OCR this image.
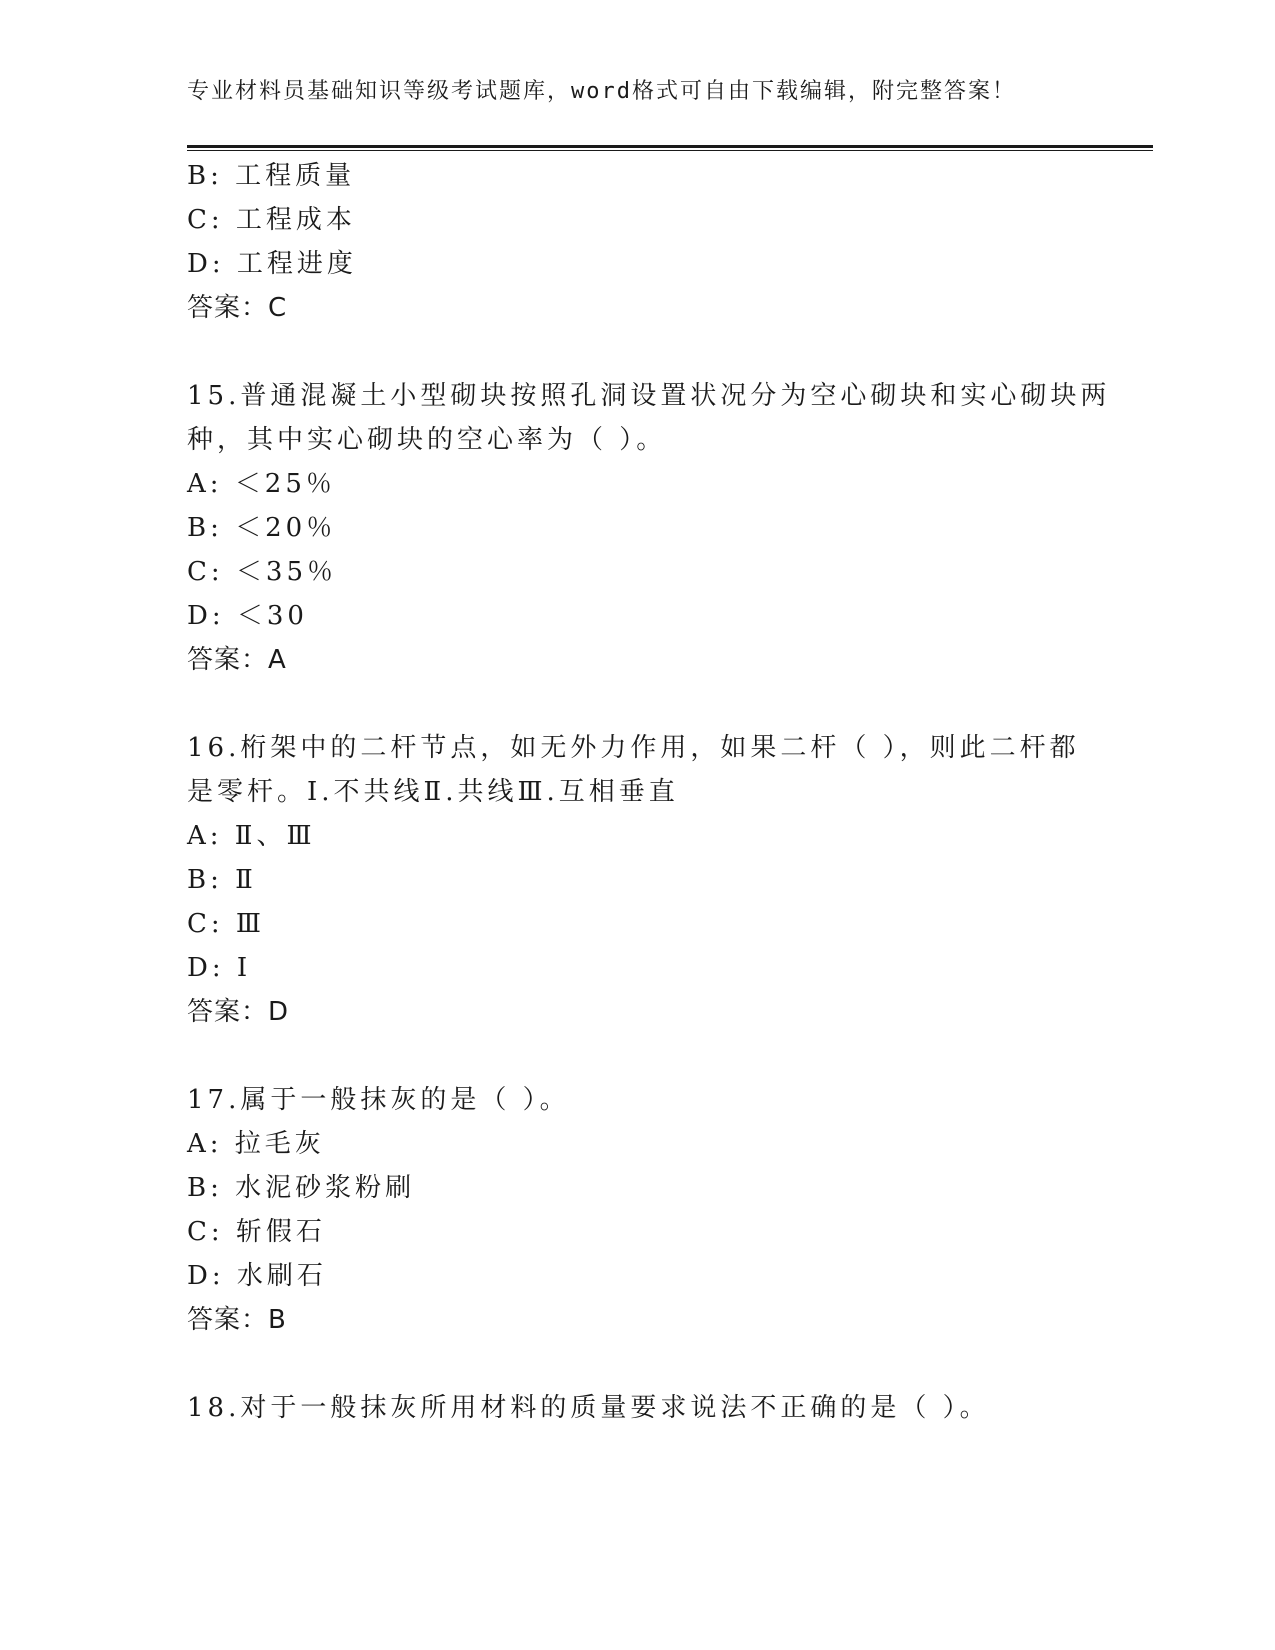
专业材料员基础知识等级考试题库，word格式可自由下载编辑，附完整答案！
B: 工程质量
C: 工程成本
D: 工程进度
答案：C
15.普通混凝土小型砌块按照孔洞设置状况分为空心砌块和实心砌块两
种，其中实心砌块的空心率为（ ）。
A: ＜25％
B: ＜20％
C: ＜35％
D: ＜30
答案：A
16.桁架中的二杆节点，如无外力作用，如果二杆（ ），则此二杆都
是零杆。I.不共线Ⅱ.共线Ⅲ.互相垂直
A: Ⅱ、Ⅲ
B: Ⅱ
C: Ⅲ
D: I
答案：D
17.属于一般抹灰的是（ ）。
A: 拉毛灰
B: 水泥砂浆粉刷
C: 斩假石
D: 水刷石
答案：B
18.对于一般抹灰所用材料的质量要求说法不正确的是（ ）。
